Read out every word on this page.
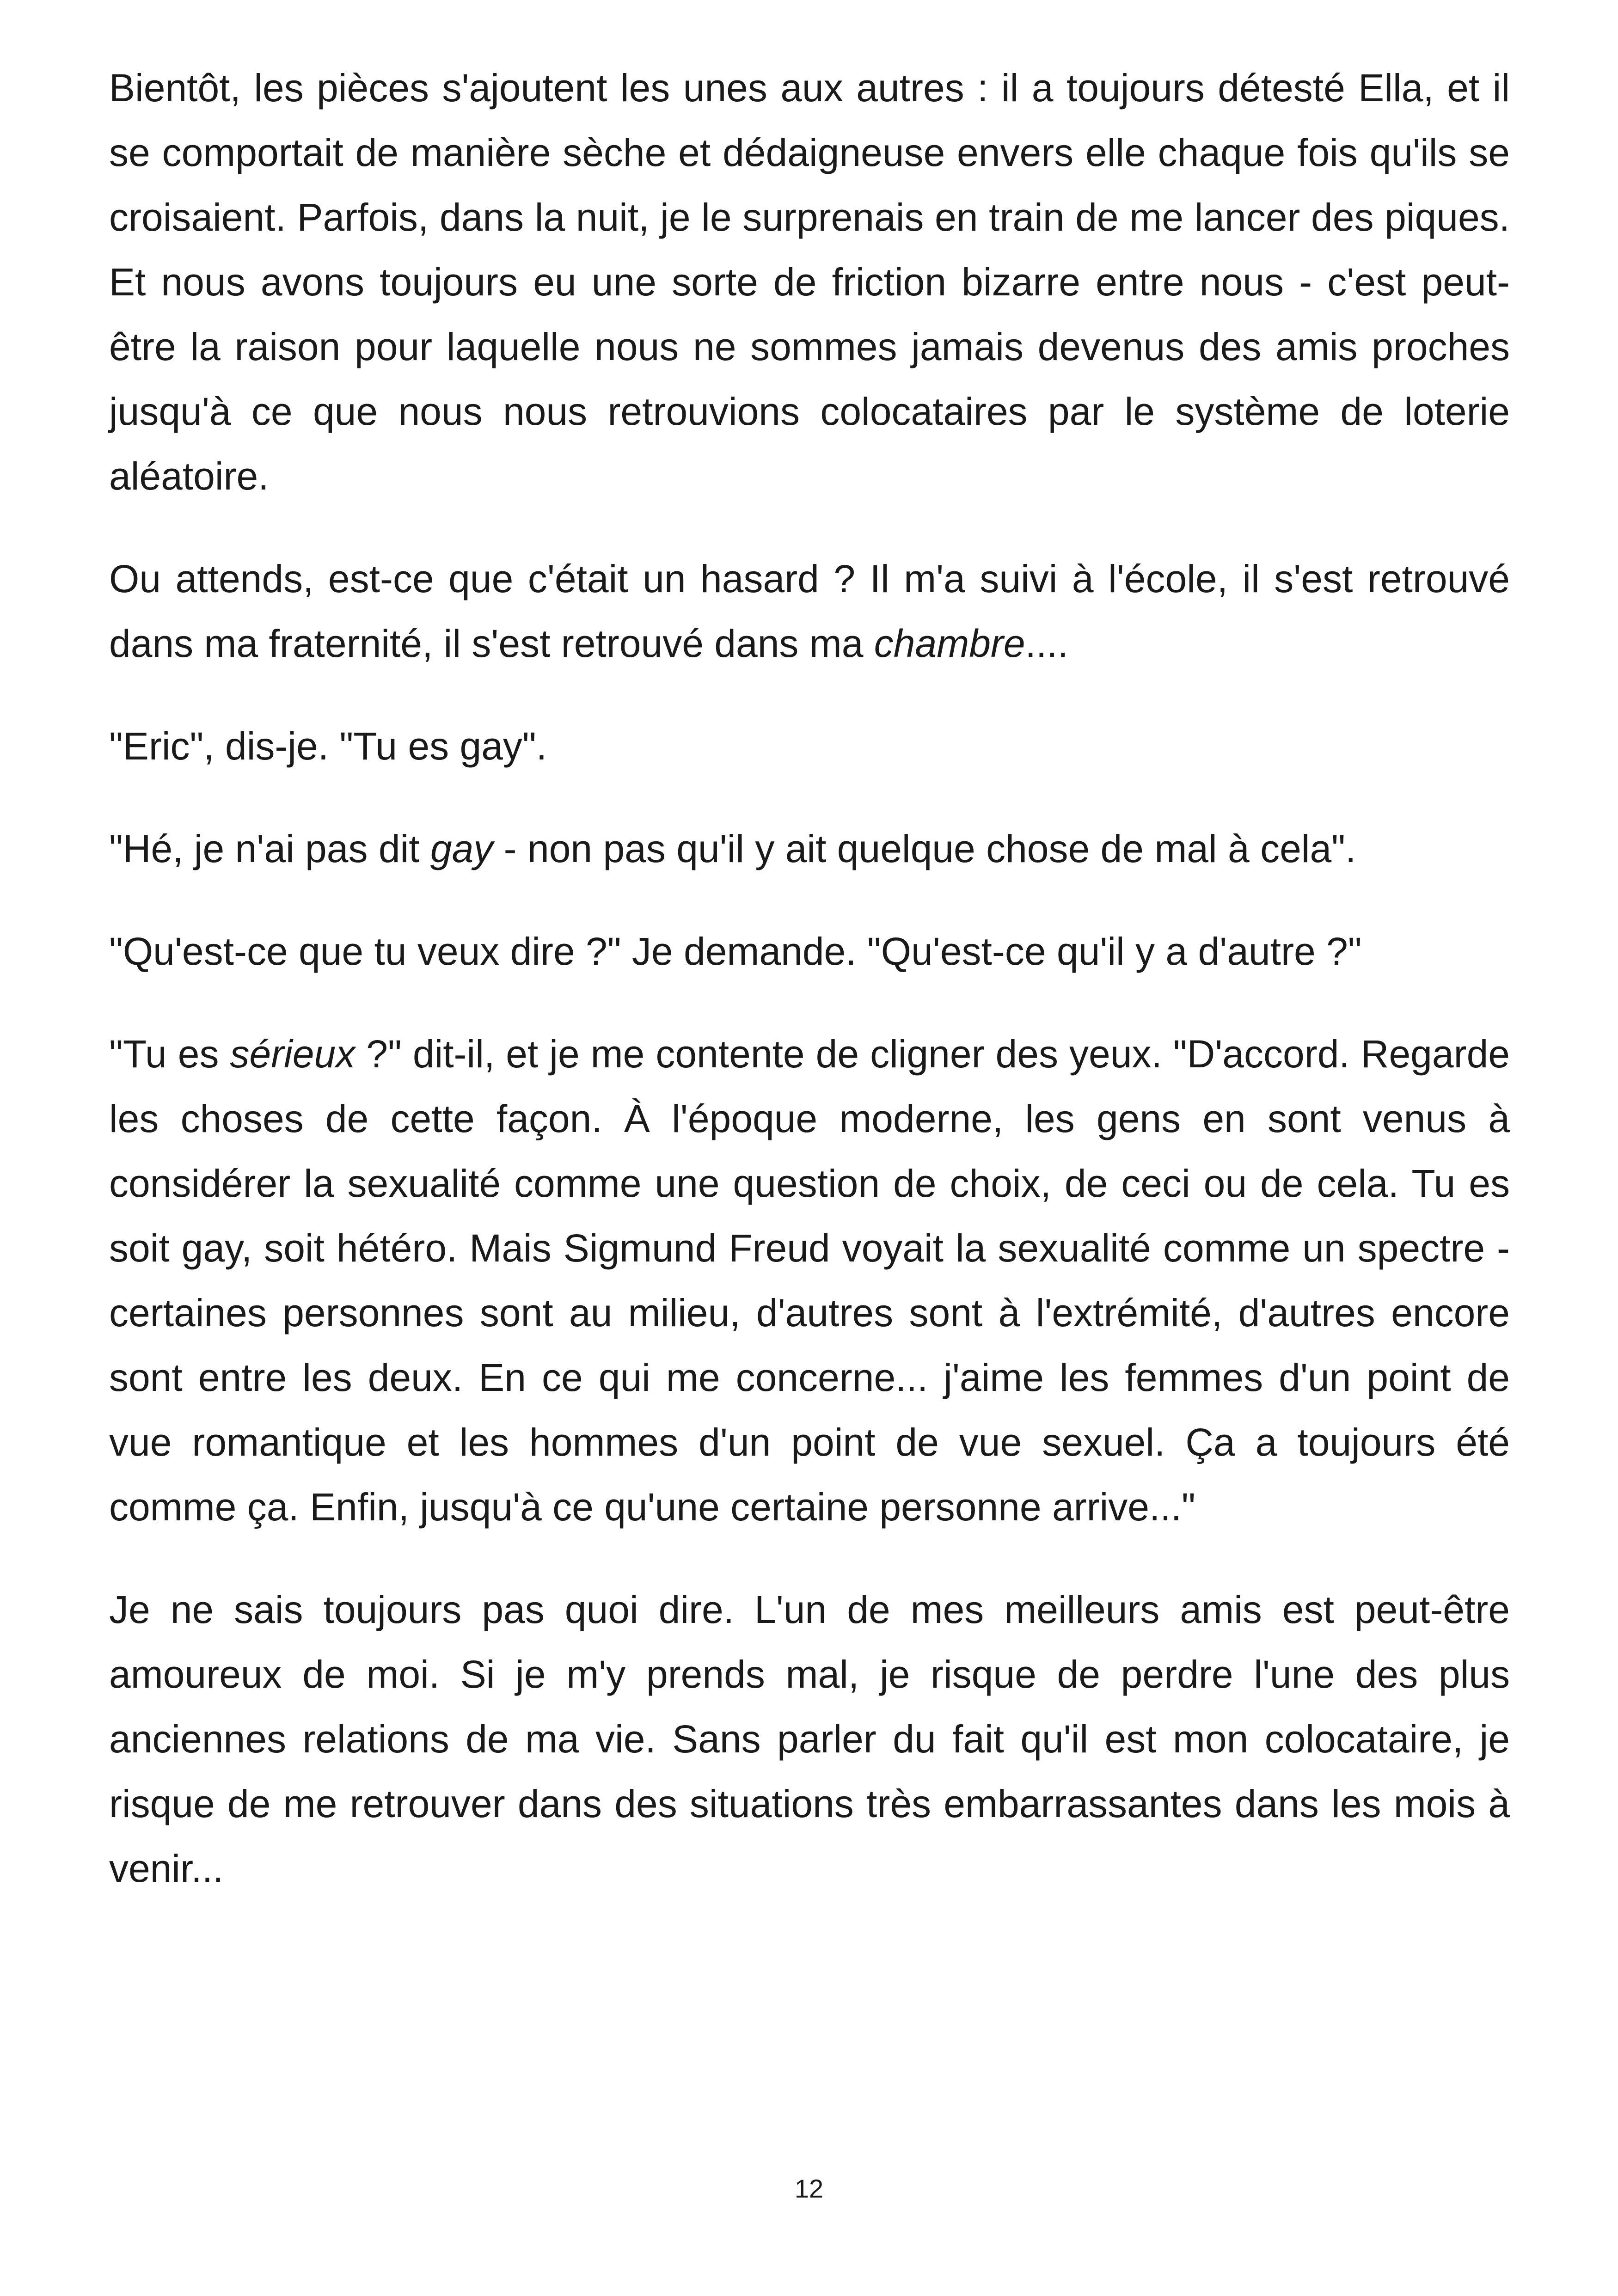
Bientôt, les pièces s'ajoutent les unes aux autres : il a toujours détesté Ella, et il se comportait de manière sèche et dédaigneuse envers elle chaque fois qu'ils se croisaient. Parfois, dans la nuit, je le surprenais en train de me lancer des piques. Et nous avons toujours eu une sorte de friction bizarre entre nous - c'est peut-être la raison pour laquelle nous ne sommes jamais devenus des amis proches jusqu'à ce que nous nous retrouvions colocataires par le système de loterie aléatoire.

Ou attends, est-ce que c'était un hasard ? Il m'a suivi à l'école, il s'est retrouvé dans ma fraternité, il s'est retrouvé dans ma chambre....

"Eric", dis-je. "Tu es gay".

"Hé, je n'ai pas dit gay - non pas qu'il y ait quelque chose de mal à cela".

"Qu'est-ce que tu veux dire ?" Je demande. "Qu'est-ce qu'il y a d'autre ?"

"Tu es sérieux ?" dit-il, et je me contente de cligner des yeux. "D'accord. Regarde les choses de cette façon. À l'époque moderne, les gens en sont venus à considérer la sexualité comme une question de choix, de ceci ou de cela. Tu es soit gay, soit hétéro. Mais Sigmund Freud voyait la sexualité comme un spectre - certaines personnes sont au milieu, d'autres sont à l'extrémité, d'autres encore sont entre les deux. En ce qui me concerne... j'aime les femmes d'un point de vue romantique et les hommes d'un point de vue sexuel. Ça a toujours été comme ça. Enfin, jusqu'à ce qu'une certaine personne arrive..."

Je ne sais toujours pas quoi dire. L'un de mes meilleurs amis est peut-être amoureux de moi. Si je m'y prends mal, je risque de perdre l'une des plus anciennes relations de ma vie. Sans parler du fait qu'il est mon colocataire, je risque de me retrouver dans des situations très embarrassantes dans les mois à venir...

12
